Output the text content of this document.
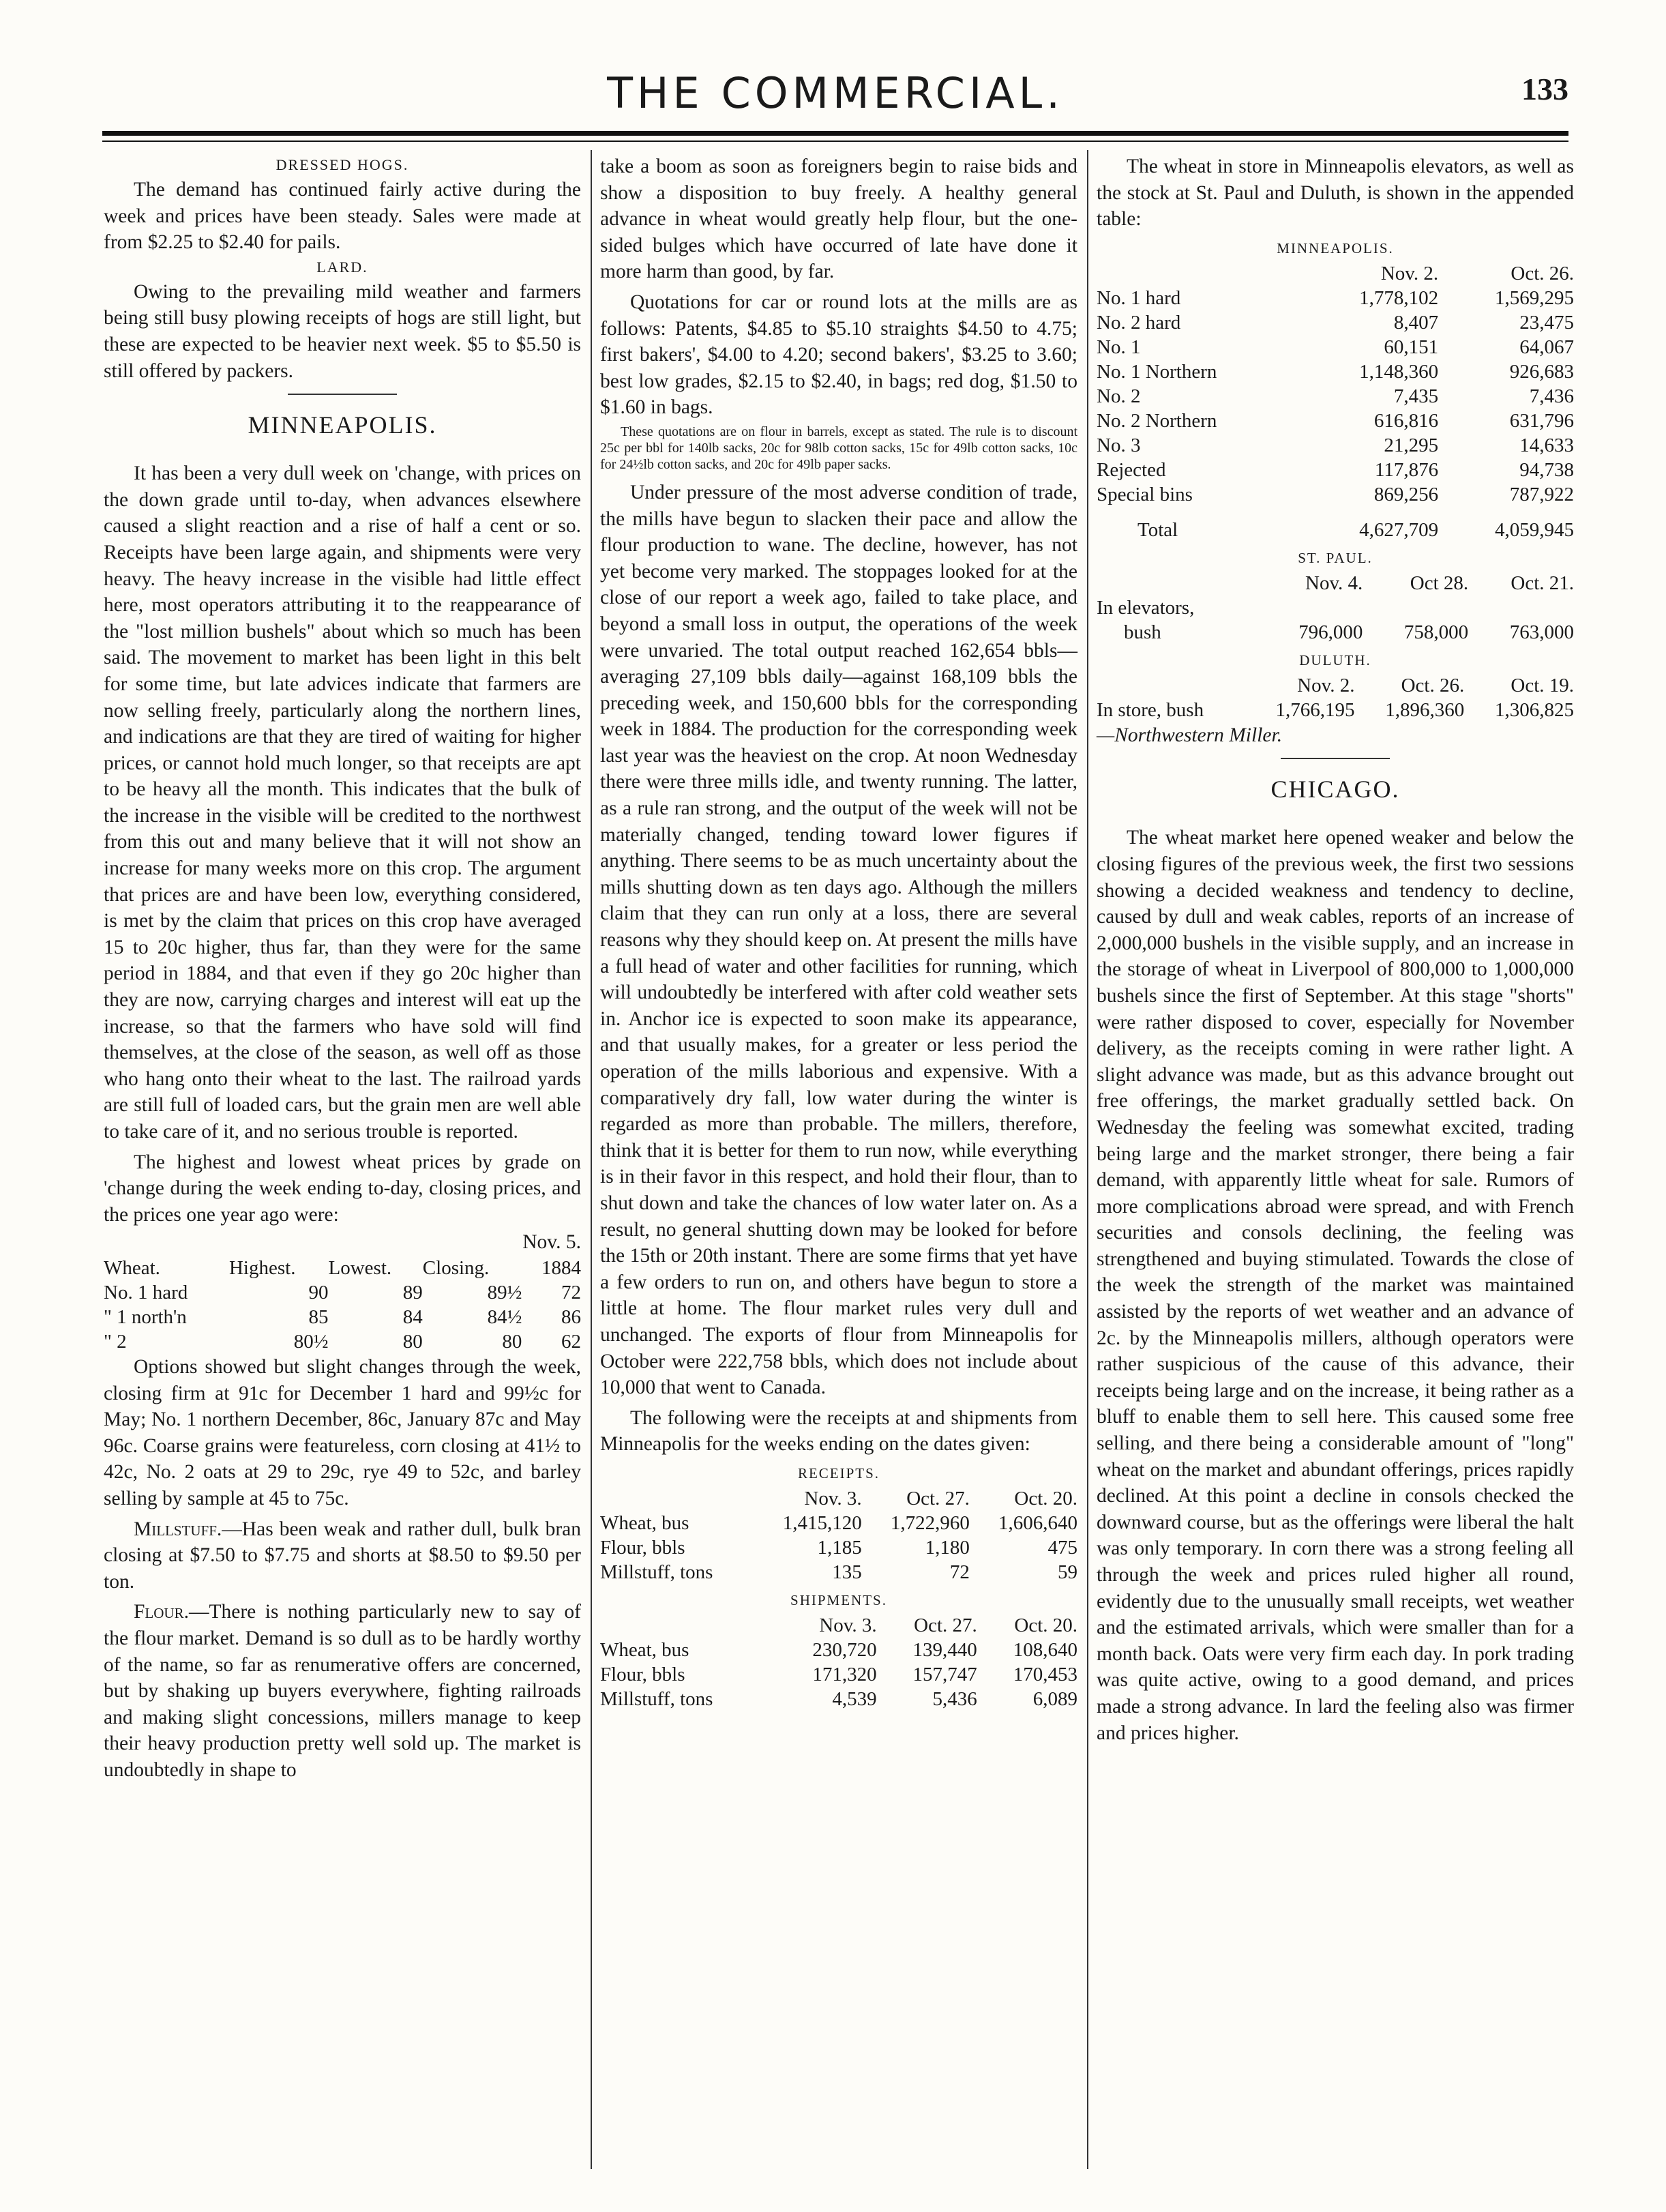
THE COMMERCIAL.	133

DRESSED HOGS.

The demand has continued fairly active during the week and prices have been steady. Sales were made at from $2.25 to $2.40 for pails.

LARD.

Owing to the prevailing mild weather and farmers being still busy plowing receipts of hogs are still light, but these are expected to be heavier next week. $5 to $5.50 is still offered by packers.

MINNEAPOLIS.

It has been a very dull week on 'change, with prices on the down grade until to-day, when advances elsewhere caused a slight reaction and a rise of half a cent or so. Receipts have been large again, and shipments were very heavy. The heavy increase in the visible had little effect here, most operators attributing it to the reappearance of the "lost million bushels" about which so much has been said. The movement to market has been light in this belt for some time, but late advices indicate that farmers are now selling freely, particularly along the northern lines, and indications are that they are tired of waiting for higher prices, or cannot hold much longer, so that receipts are apt to be heavy all the month. This indicates that the bulk of the increase in the visible will be credited to the northwest from this out and many believe that it will not show an increase for many weeks more on this crop. The argument that prices are and have been low, everything considered, is met by the claim that prices on this crop have averaged 15 to 20c higher, thus far, than they were for the same period in 1884, and that even if they go 20c higher than they are now, carrying charges and interest will eat up the increase, so that the farmers who have sold will find themselves, at the close of the season, as well off as those who hang onto their wheat to the last. The railroad yards are still full of loaded cars, but the grain men are well able to take care of it, and no serious trouble is reported.

The highest and lowest wheat prices by grade on 'change during the week ending to-day, closing prices, and the prices one year ago were:

Nov. 5.
Wheat.	Highest.	Lowest.	Closing.	1884
No. 1 hard	90	89	89½	72
" 1 north'n	85	84	84½	86
" 2	80½	80	80	62

Options showed but slight changes through the week, closing firm at 91c for December 1 hard and 99½c for May; No. 1 northern December, 86c, January 87c and May 96c. Coarse grains were featureless, corn closing at 41½ to 42c, No. 2 oats at 29 to 29c, rye 49 to 52c, and barley selling by sample at 45 to 75c.

Millstuff.—Has been weak and rather dull, bulk bran closing at $7.50 to $7.75 and shorts at $8.50 to $9.50 per ton.

Flour.—There is nothing particularly new to say of the flour market. Demand is so dull as to be hardly worthy of the name, so far as renumerative offers are concerned, but by shaking up buyers everywhere, fighting railroads and making slight concessions, millers manage to keep their heavy production pretty well sold up. The market is undoubtedly in shape to

take a boom as soon as foreigners begin to raise bids and show a disposition to buy freely. A healthy general advance in wheat would greatly help flour, but the one-sided bulges which have occurred of late have done it more harm than good, by far.

Quotations for car or round lots at the mills are as follows: Patents, $4.85 to $5.10 straights $4.50 to 4.75; first bakers', $4.00 to 4.20; second bakers', $3.25 to 3.60; best low grades, $2.15 to $2.40, in bags; red dog, $1.50 to $1.60 in bags.

These quotations are on flour in barrels, except as stated. The rule is to discount 25c per bbl for 140lb sacks, 20c for 98lb cotton sacks, 15c for 49lb cotton sacks, 10c for 24½lb cotton sacks, and 20c for 49lb paper sacks.

Under pressure of the most adverse condition of trade, the mills have begun to slacken their pace and allow the flour production to wane. The decline, however, has not yet become very marked. The stoppages looked for at the close of our report a week ago, failed to take place, and beyond a small loss in output, the operations of the week were unvaried. The total output reached 162,654 bbls—averaging 27,109 bbls daily—against 168,109 bbls the preceding week, and 150,600 bbls for the corresponding week in 1884. The production for the corresponding week last year was the heaviest on the crop. At noon Wednesday there were three mills idle, and twenty running. The latter, as a rule ran strong, and the output of the week will not be materially changed, tending toward lower figures if anything. There seems to be as much uncertainty about the mills shutting down as ten days ago. Although the millers claim that they can run only at a loss, there are several reasons why they should keep on. At present the mills have a full head of water and other facilities for running, which will undoubtedly be interfered with after cold weather sets in. Anchor ice is expected to soon make its appearance, and that usually makes, for a greater or less period the operation of the mills laborious and expensive. With a comparatively dry fall, low water during the winter is regarded as more than probable. The millers, therefore, think that it is better for them to run now, while everything is in their favor in this respect, and hold their flour, than to shut down and take the chances of low water later on. As a result, no general shutting down may be looked for before the 15th or 20th instant. There are some firms that yet have a few orders to run on, and others have begun to store a little at home. The flour market rules very dull and unchanged. The exports of flour from Minneapolis for October were 222,758 bbls, which does not include about 10,000 that went to Canada.

The following were the receipts at and shipments from Minneapolis for the weeks ending on the dates given:

RECEIPTS.
	Nov. 3.	Oct. 27.	Oct. 20.
Wheat, bus	1,415,120	1,722,960	1,606,640
Flour, bbls	1,185	1,180	475
Millstuff, tons	135	72	59
SHIPMENTS.
	Nov. 3.	Oct. 27.	Oct. 20.
Wheat, bus	230,720	139,440	108,640
Flour, bbls	171,320	157,747	170,453
Millstuff, tons	4,539	5,436	6,089

The wheat in store in Minneapolis elevators, as well as the stock at St. Paul and Duluth, is shown in the appended table:

MINNEAPOLIS.
	Nov. 2.	Oct. 26.
No. 1 hard	1,778,102	1,569,295
No. 2 hard	8,407	23,475
No. 1	60,151	64,067
No. 1 Northern	1,148,360	926,683
No. 2	7,435	7,436
No. 2 Northern	616,816	631,796
No. 3	21,295	14,633
Rejected	117,876	94,738
Special bins	869,256	787,922
Total	4,627,709	4,059,945
ST. PAUL.
	Nov. 4.	Oct 28.	Oct. 21.
In elevators,			
bush	796,000	758,000	763,000
DULUTH.
	Nov. 2.	Oct. 26.	Oct. 19.
In store, bush	1,766,195	1,896,360	1,306,825
—Northwestern Miller.

CHICAGO.

The wheat market here opened weaker and below the closing figures of the previous week, the first two sessions showing a decided weakness and tendency to decline, caused by dull and weak cables, reports of an increase of 2,000,000 bushels in the visible supply, and an increase in the storage of wheat in Liverpool of 800,000 to 1,000,000 bushels since the first of September. At this stage "shorts" were rather disposed to cover, especially for November delivery, as the receipts coming in were rather light. A slight advance was made, but as this advance brought out free offerings, the market gradually settled back. On Wednesday the feeling was somewhat excited, trading being large and the market stronger, there being a fair demand, with apparently little wheat for sale. Rumors of more complications abroad were spread, and with French securities and consols declining, the feeling was strengthened and buying stimulated. Towards the close of the week the strength of the market was maintained assisted by the reports of wet weather and an advance of 2c. by the Minneapolis millers, although operators were rather suspicious of the cause of this advance, their receipts being large and on the increase, it being rather as a bluff to enable them to sell here. This caused some free selling, and there being a considerable amount of "long" wheat on the market and abundant offerings, prices rapidly declined. At this point a decline in consols checked the downward course, but as the offerings were liberal the halt was only temporary. In corn there was a strong feeling all through the week and prices ruled higher all round, evidently due to the unusually small receipts, wet weather and the estimated arrivals, which were smaller than for a month back. Oats were very firm each day. In pork trading was quite active, owing to a good demand, and prices made a strong advance. In lard the feeling also was firmer and prices higher.
